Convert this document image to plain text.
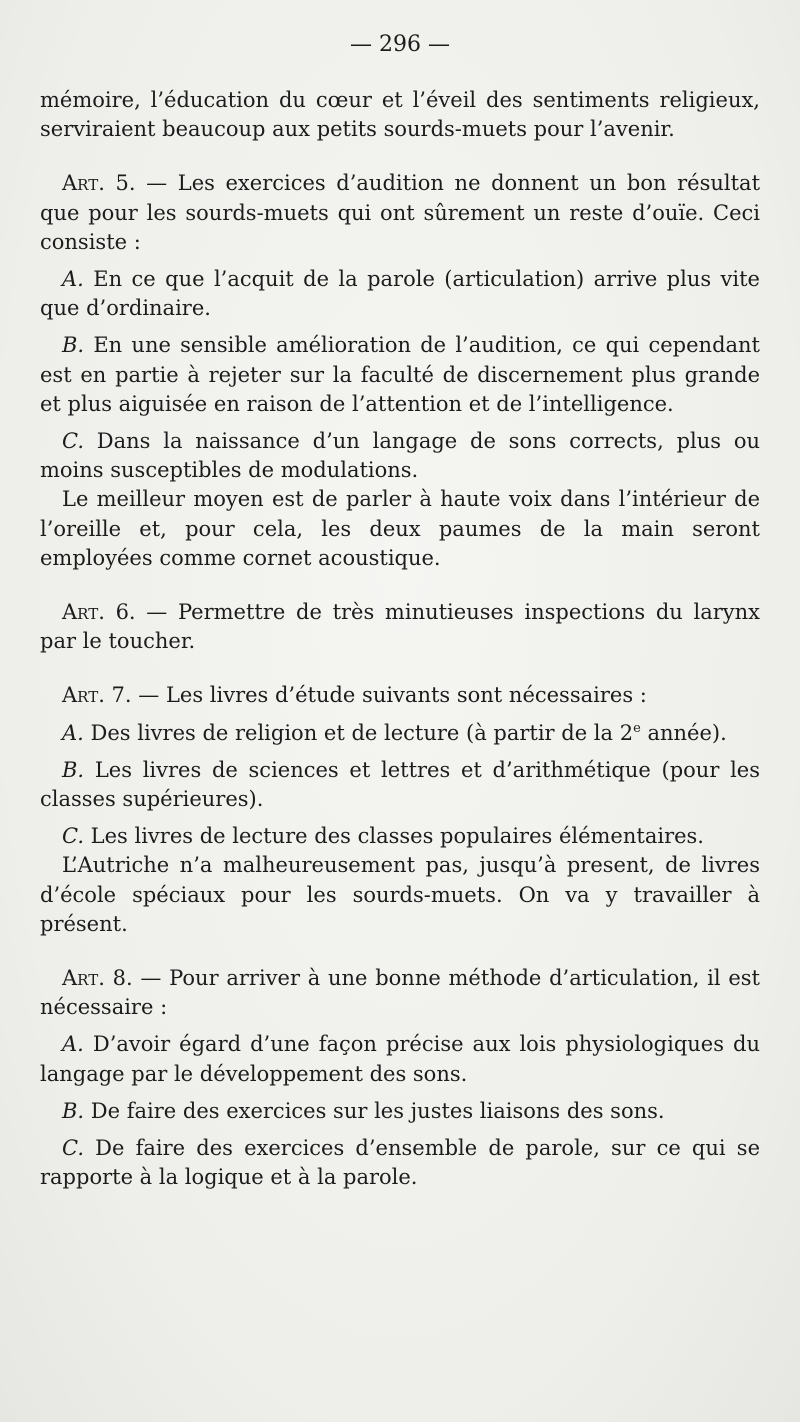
— 296 —

mémoire, l’éducation du cœur et l’éveil des sentiments religieux, serviraient beaucoup aux petits sourds-muets pour l’avenir.

Art. 5. — Les exercices d’audition ne donnent un bon résultat que pour les sourds-muets qui ont sûrement un reste d’ouïe. Ceci consiste :

A. En ce que l’acquit de la parole (articulation) arrive plus vite que d’ordinaire.

B. En une sensible amélioration de l’audition, ce qui cependant est en partie à rejeter sur la faculté de discernement plus grande et plus aiguisée en raison de l’attention et de l’intelligence.

C. Dans la naissance d’un langage de sons corrects, plus ou moins susceptibles de modulations.

Le meilleur moyen est de parler à haute voix dans l’intérieur de l’oreille et, pour cela, les deux paumes de la main seront employées comme cornet acoustique.

Art. 6. — Permettre de très minutieuses inspections du larynx par le toucher.

Art. 7. — Les livres d’étude suivants sont nécessaires :

A. Des livres de religion et de lecture (à partir de la 2e année).

B. Les livres de sciences et lettres et d’arithmétique (pour les classes supérieures).

C. Les livres de lecture des classes populaires élémentaires.

L’Autriche n’a malheureusement pas, jusqu’à present, de livres d’école spéciaux pour les sourds-muets. On va y travailler à présent.

Art. 8. — Pour arriver à une bonne méthode d’articulation, il est nécessaire :

A. D’avoir égard d’une façon précise aux lois physiologiques du langage par le développement des sons.

B. De faire des exercices sur les justes liaisons des sons.

C. De faire des exercices d’ensemble de parole, sur ce qui se rapporte à la logique et à la parole.
